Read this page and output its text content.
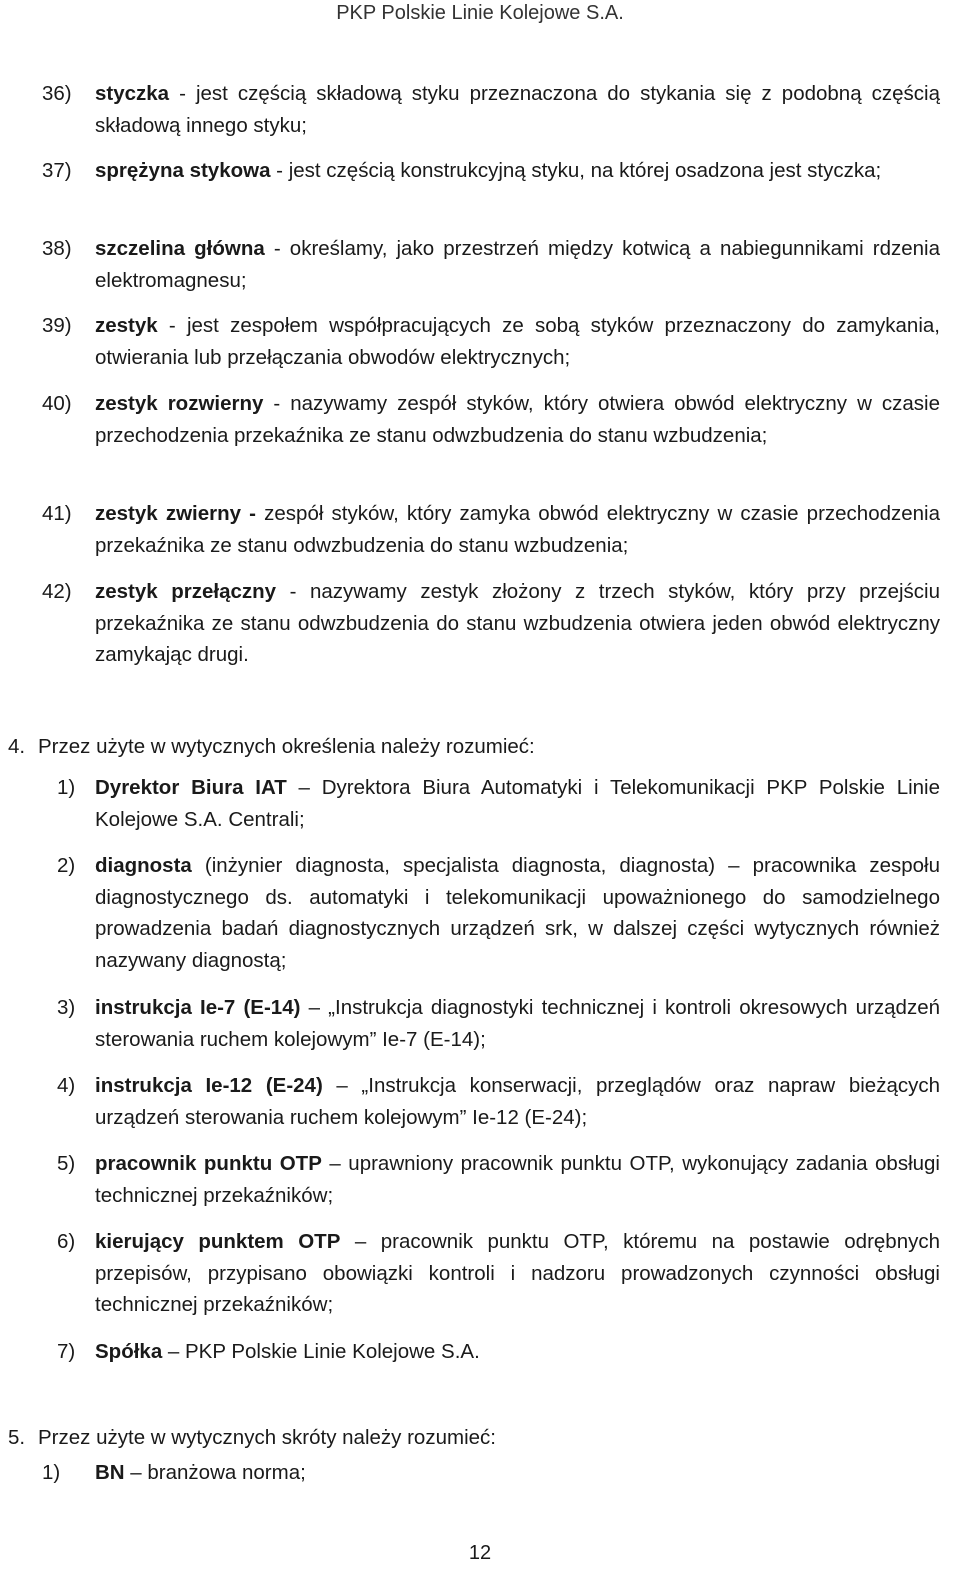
PKP Polskie Linie Kolejowe S.A.
36) styczka - jest częścią składową styku przeznaczona do stykania się z podobną częścią składową innego styku;
37) sprężyna stykowa - jest częścią konstrukcyjną styku, na której osadzona jest styczka;
38) szczelina główna - określamy, jako przestrzeń między kotwicą a nabiegunnikami rdzenia elektromagnesu;
39) zestyk - jest zespołem współpracujących ze sobą styków przeznaczony do zamykania, otwierania lub przełączania obwodów elektrycznych;
40) zestyk rozwierny - nazywamy zespół styków, który otwiera obwód elektryczny w czasie przechodzenia przekaźnika ze stanu odwzbudzenia do stanu wzbudzenia;
41) zestyk zwierny - zespół styków, który zamyka obwód elektryczny w czasie przechodzenia przekaźnika ze stanu odwzbudzenia do stanu wzbudzenia;
42) zestyk przełączny - nazywamy zestyk złożony z trzech styków, który przy przejściu przekaźnika ze stanu odwzbudzenia do stanu wzbudzenia otwiera jeden obwód elektryczny zamykając drugi.
4. Przez użyte w wytycznych określenia należy rozumieć:
1) Dyrektor Biura IAT – Dyrektora Biura Automatyki i Telekomunikacji PKP Polskie Linie Kolejowe S.A. Centrali;
2) diagnosta (inżynier diagnosta, specjalista diagnosta, diagnosta) – pracownika zespołu diagnostycznego ds. automatyki i telekomunikacji upoważnionego do samodzielnego prowadzenia badań diagnostycznych urządzeń srk, w dalszej części wytycznych również nazywany diagnostą;
3) instrukcja Ie-7 (E-14) – „Instrukcja diagnostyki technicznej i kontroli okresowych urządzeń sterowania ruchem kolejowym” Ie-7 (E-14);
4) instrukcja Ie-12 (E-24) – „Instrukcja konserwacji, przeglądów oraz napraw bieżących urządzeń sterowania ruchem kolejowym” Ie-12 (E-24);
5) pracownik punktu OTP – uprawniony pracownik punktu OTP, wykonujący zadania obsługi technicznej przekaźników;
6) kierujący punktem OTP – pracownik punktu OTP, któremu na postawie odrębnych przepisów, przypisano obowiązki kontroli i nadzoru prowadzonych czynności obsługi technicznej przekaźników;
7) Spółka – PKP Polskie Linie Kolejowe S.A.
5. Przez użyte w wytycznych skróty należy rozumieć:
1) BN – branżowa norma;
12
